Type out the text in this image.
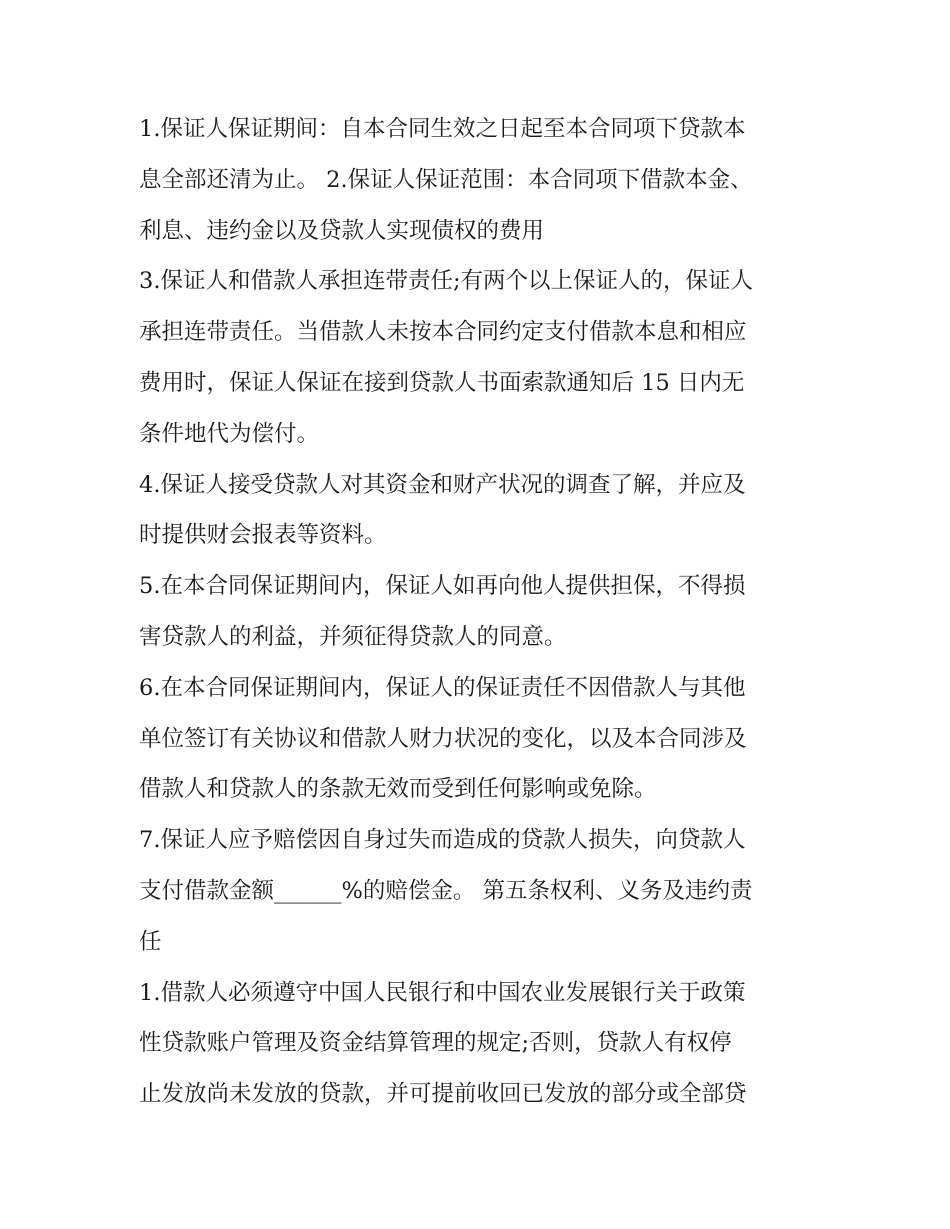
1.保证人保证期间：自本合同生效之日起至本合同项下贷款本
息全部还清为止。 2.保证人保证范围：本合同项下借款本金、
利息、违约金以及贷款人实现债权的费用
3.保证人和借款人承担连带责任;有两个以上保证人的，保证人
承担连带责任。当借款人未按本合同约定支付借款本息和相应
费用时，保证人保证在接到贷款人书面索款通知后 15 日内无
条件地代为偿付。
4.保证人接受贷款人对其资金和财产状况的调查了解，并应及
时提供财会报表等资料。
5.在本合同保证期间内，保证人如再向他人提供担保，不得损
害贷款人的利益，并须征得贷款人的同意。
6.在本合同保证期间内，保证人的保证责任不因借款人与其他
单位签订有关协议和借款人财力状况的变化，以及本合同涉及
借款人和贷款人的条款无效而受到任何影响或免除。
7.保证人应予赔偿因自身过失而造成的贷款人损失，向贷款人
支付借款金额______%的赔偿金。 第五条权利、义务及违约责
任
1.借款人必须遵守中国人民银行和中国农业发展银行关于政策
性贷款账户管理及资金结算管理的规定;否则，贷款人有权停
止发放尚未发放的贷款，并可提前收回已发放的部分或全部贷
